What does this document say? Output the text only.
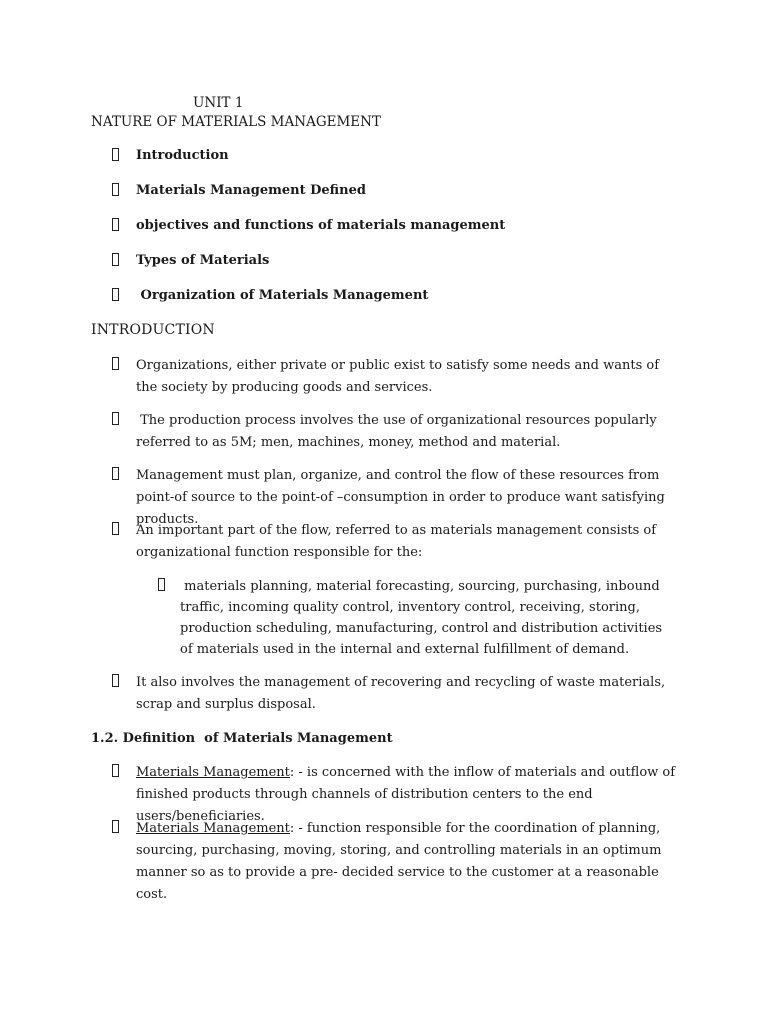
UNIT 1
NATURE OF MATERIALS MANAGEMENT
Introduction
Materials Management Defined
objectives and functions of materials management
Types of Materials
Organization of Materials Management
INTRODUCTION
Organizations, either private or public exist to satisfy some needs and wants of the society by producing goods and services.
The production process involves the use of organizational resources popularly referred to as 5M; men, machines, money, method and material.
Management must plan, organize, and control the flow of these resources from point-of source to the point-of –consumption in order to produce want satisfying products.
An important part of the flow, referred to as materials management consists of organizational function responsible for the:
materials planning, material forecasting, sourcing, purchasing, inbound traffic, incoming quality control, inventory control, receiving, storing, production scheduling, manufacturing, control and distribution activities of materials used in the internal and external fulfillment of demand.
It also involves the management of recovering and recycling of waste materials, scrap and surplus disposal.
1.2. Definition  of Materials Management
Materials Management: - is concerned with the inflow of materials and outflow of finished products through channels of distribution centers to the end users/beneficiaries.
Materials Management: - function responsible for the coordination of planning, sourcing, purchasing, moving, storing, and controlling materials in an optimum manner so as to provide a pre- decided service to the customer at a reasonable cost.
